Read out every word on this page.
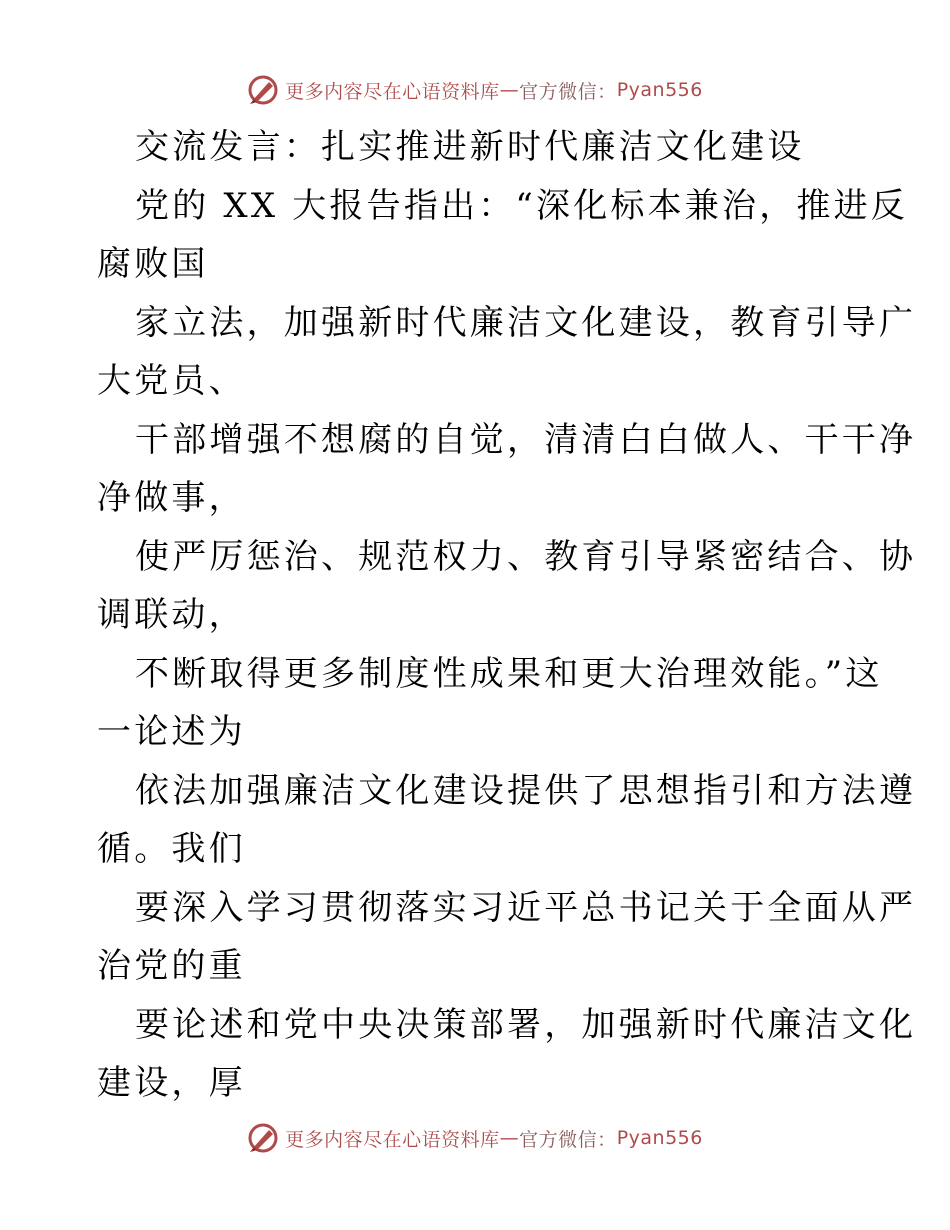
更多内容尽在心语资料库 — 官方微信： Pyan556
交流发言：扎实推进新时代廉洁文化建设
党的 XX 大报告指出：“深化标本兼治，推进反
腐败国
家立法，加强新时代廉洁文化建设，教育引导广
大党员、
干部增强不想腐的自觉，清清白白做人、干干净
净做事，
使严厉惩治、规范权力、教育引导紧密结合、协
调联动，
不断取得更多制度性成果和更大治理效能。”这
一论述为
依法加强廉洁文化建设提供了思想指引和方法遵
循。我们
要深入学习贯彻落实习近平总书记关于全面从严
治党的重
要论述和党中央决策部署，加强新时代廉洁文化
建设，厚
更多内容尽在心语资料库 — 官方微信： Pyan556
